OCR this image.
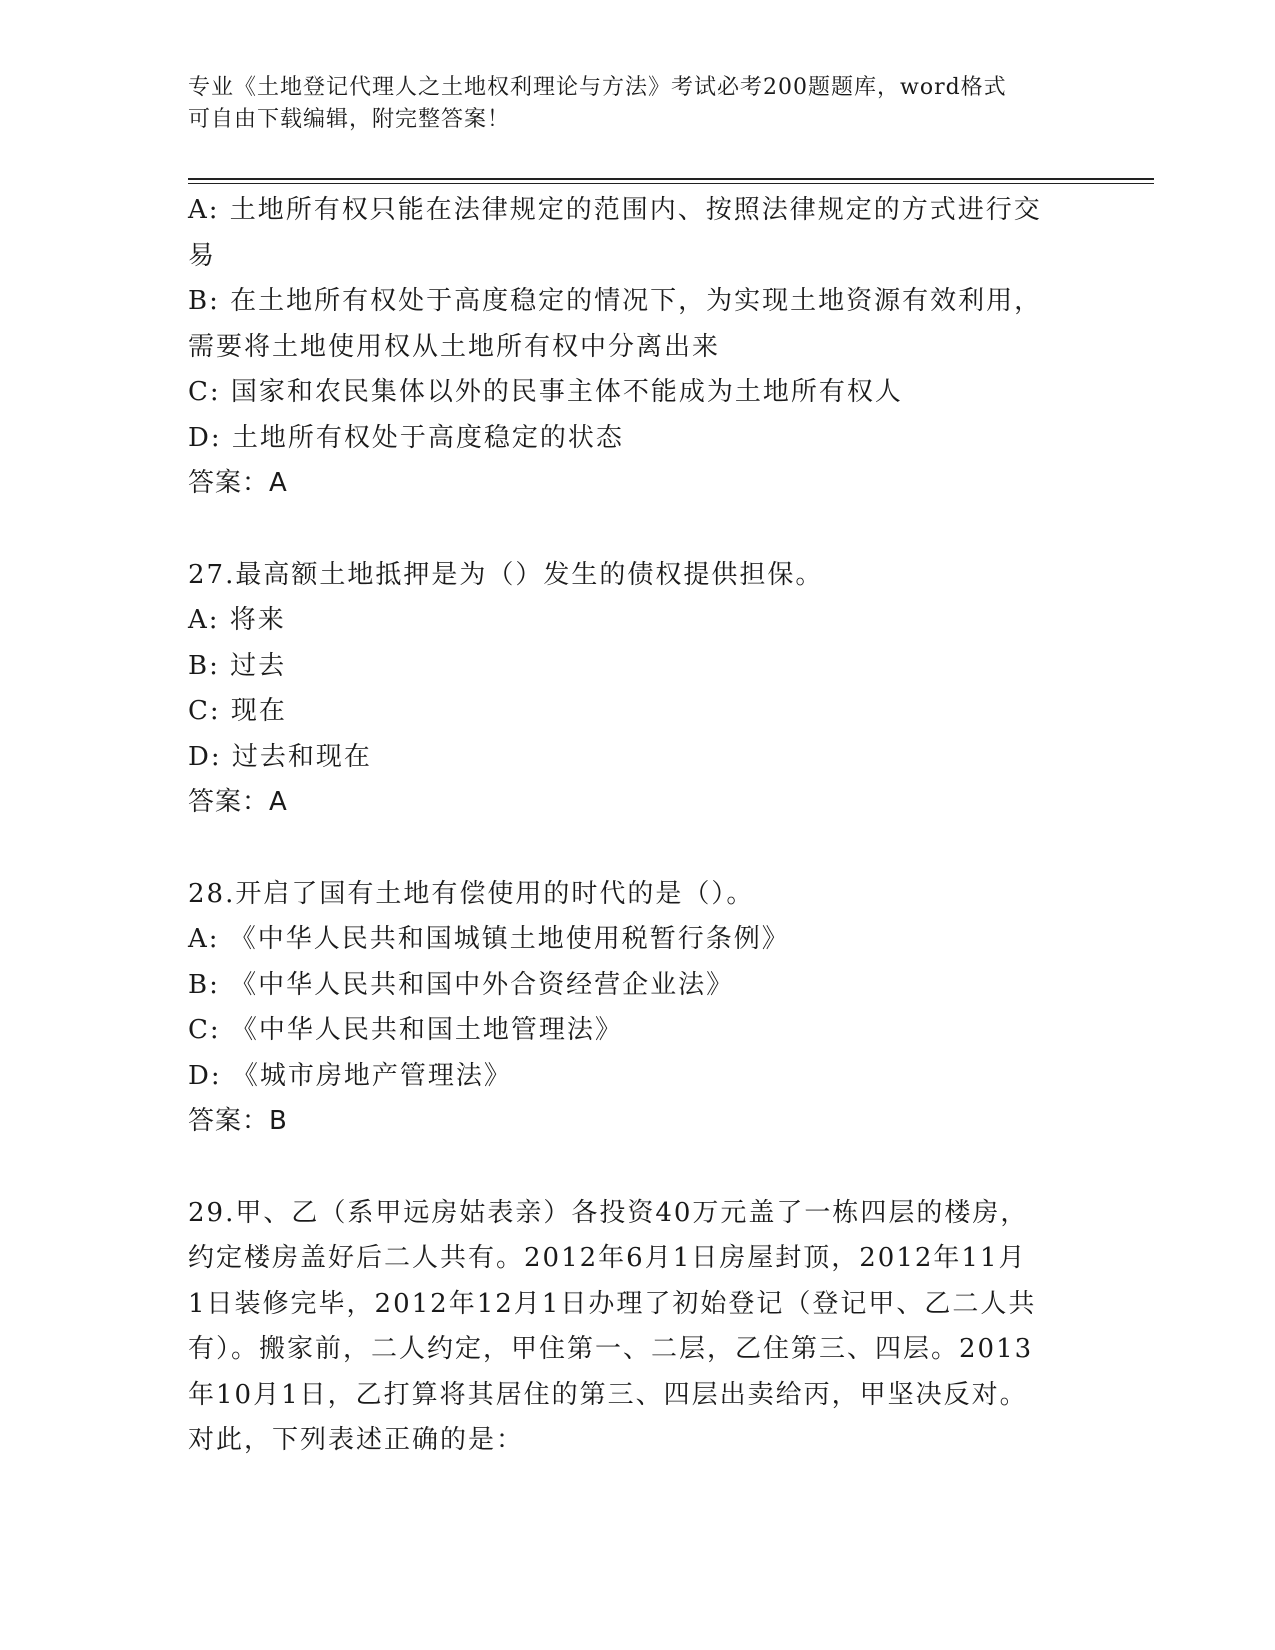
专业《土地登记代理人之土地权利理论与方法》考试必考200题题库，word格式
可自由下载编辑，附完整答案！
A: 土地所有权只能在法律规定的范围内、按照法律规定的方式进行交
易
B: 在土地所有权处于高度稳定的情况下，为实现土地资源有效利用，
需要将土地使用权从土地所有权中分离出来
C: 国家和农民集体以外的民事主体不能成为土地所有权人
D: 土地所有权处于高度稳定的状态
答案：A
27.最高额土地抵押是为（）发生的债权提供担保。
A: 将来
B: 过去
C: 现在
D: 过去和现在
答案：A
28.开启了国有土地有偿使用的时代的是（）。
A: 《中华人民共和国城镇土地使用税暂行条例》
B: 《中华人民共和国中外合资经营企业法》
C: 《中华人民共和国土地管理法》
D: 《城市房地产管理法》
答案：B
29.甲、乙（系甲远房姑表亲）各投资40万元盖了一栋四层的楼房，
约定楼房盖好后二人共有。2012年6月1日房屋封顶，2012年11月
1日装修完毕，2012年12月1日办理了初始登记（登记甲、乙二人共
有）。搬家前，二人约定，甲住第一、二层，乙住第三、四层。2013
年10月1日，乙打算将其居住的第三、四层出卖给丙，甲坚决反对。
对此，下列表述正确的是：
